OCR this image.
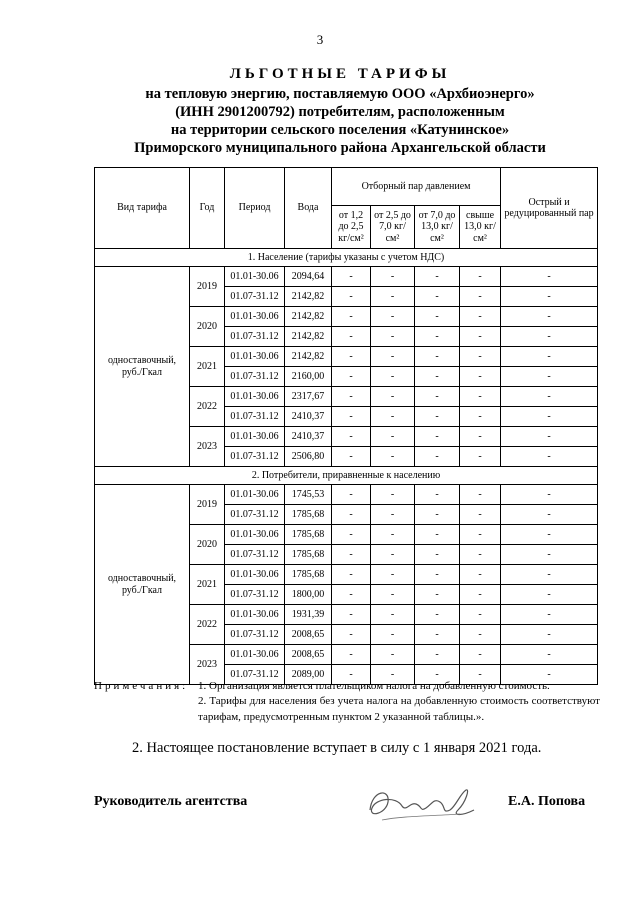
3
ЛЬГОТНЫЕ ТАРИФЫ
на тепловую энергию, поставляемую ООО «Архбиоэнерго»
(ИНН 2901200792) потребителям, расположенным
на территории сельского поселения «Катунинское»
Приморского муниципального района Архангельской области
Вид тарифа	Год	Период	Вода	Отборный пар давлением				Острый и редуцированный пар
				от 1,2 до 2,5 кг/см²	от 2,5 до 7,0 кг/см²	от 7,0 до 13,0 кг/см²	свыше 13,0 кг/см²	
1. Население (тарифы указаны с учетом НДС)								
одноставочный, руб./Гкал	2019	01.01-30.06	2094,64	-	-	-	-	-
		01.07-31.12	2142,82	-	-	-	-	-
	2020	01.01-30.06	2142,82	-	-	-	-	-
		01.07-31.12	2142,82	-	-	-	-	-
	2021	01.01-30.06	2142,82	-	-	-	-	-
		01.07-31.12	2160,00	-	-	-	-	-
	2022	01.01-30.06	2317,67	-	-	-	-	-
		01.07-31.12	2410,37	-	-	-	-	-
	2023	01.01-30.06	2410,37	-	-	-	-	-
		01.07-31.12	2506,80	-	-	-	-	-
2. Потребители, приравненные к населению								
одноставочный, руб./Гкал	2019	01.01-30.06	1745,53	-	-	-	-	-
		01.07-31.12	1785,68	-	-	-	-	-
	2020	01.01-30.06	1785,68	-	-	-	-	-
		01.07-31.12	1785,68	-	-	-	-	-
	2021	01.01-30.06	1785,68	-	-	-	-	-
		01.07-31.12	1800,00	-	-	-	-	-
	2022	01.01-30.06	1931,39	-	-	-	-	-
		01.07-31.12	2008,65	-	-	-	-	-
	2023	01.01-30.06	2008,65	-	-	-	-	-
		01.07-31.12	2089,00	-	-	-	-	-
Примечания: 1. Организация является плательщиком налога на добавленную стоимость.
2. Тарифы для населения без учета налога на добавленную стоимость соответствуют тарифам, предусмотренным пунктом 2 указанной таблицы.».
2. Настоящее постановление вступает в силу с 1 января 2021 года.
Руководитель агентства	Е.А. Попова
